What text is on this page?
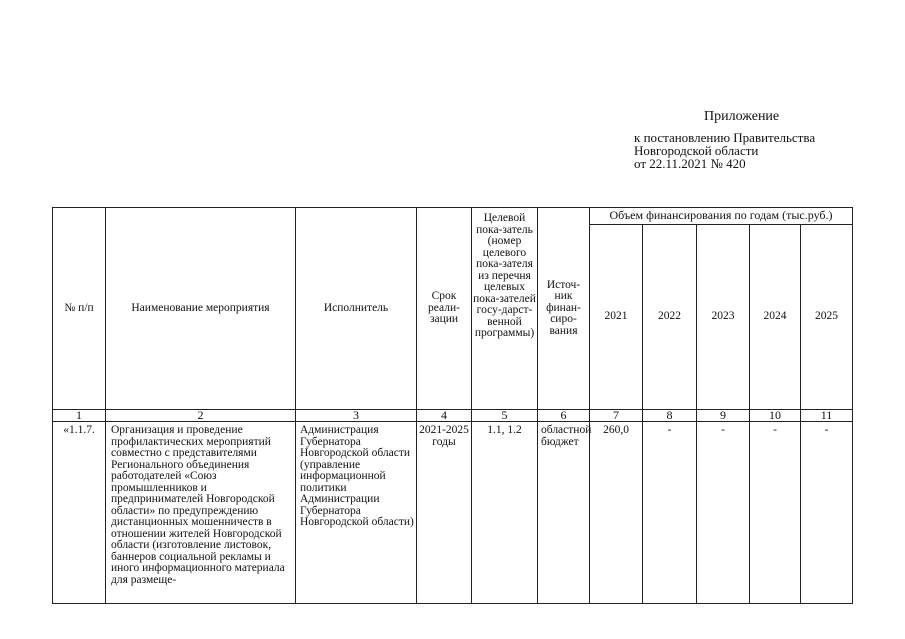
Приложение
к постановлению Правительства
Новгородской области
от 22.11.2021 № 420
№ п/п	Наименование мероприятия	Исполнитель	Срок реали-зации	Целевой пока-затель (номер целевого пока-зателя из перечня целевых пока-зателей госу-дарст-венной программы)	Источ-ник финан-сиро-вания	Объем финансирования по годам (тыс.руб.)				
						2021	2022	2023	2024	2025
1	2	3	4	5	6	7	8	9	10	11
«1.1.7.	Организация и проведение профилактических мероприятий совместно с представителями Регионального объединения работодателей «Союз промышленников и предпринимателей Новгородской области» по предупреждению дистанционных мошенничеств в отношении жителей Новгородской области (изготовление листовок, баннеров социальной рекламы и иного информационного материала для размеще-	Администрация Губернатора Новгородской области (управление информационной политики Администрации Губернатора Новгородской области)	2021-2025 годы	1.1, 1.2	областной бюджет	260,0	-	-	-	-
